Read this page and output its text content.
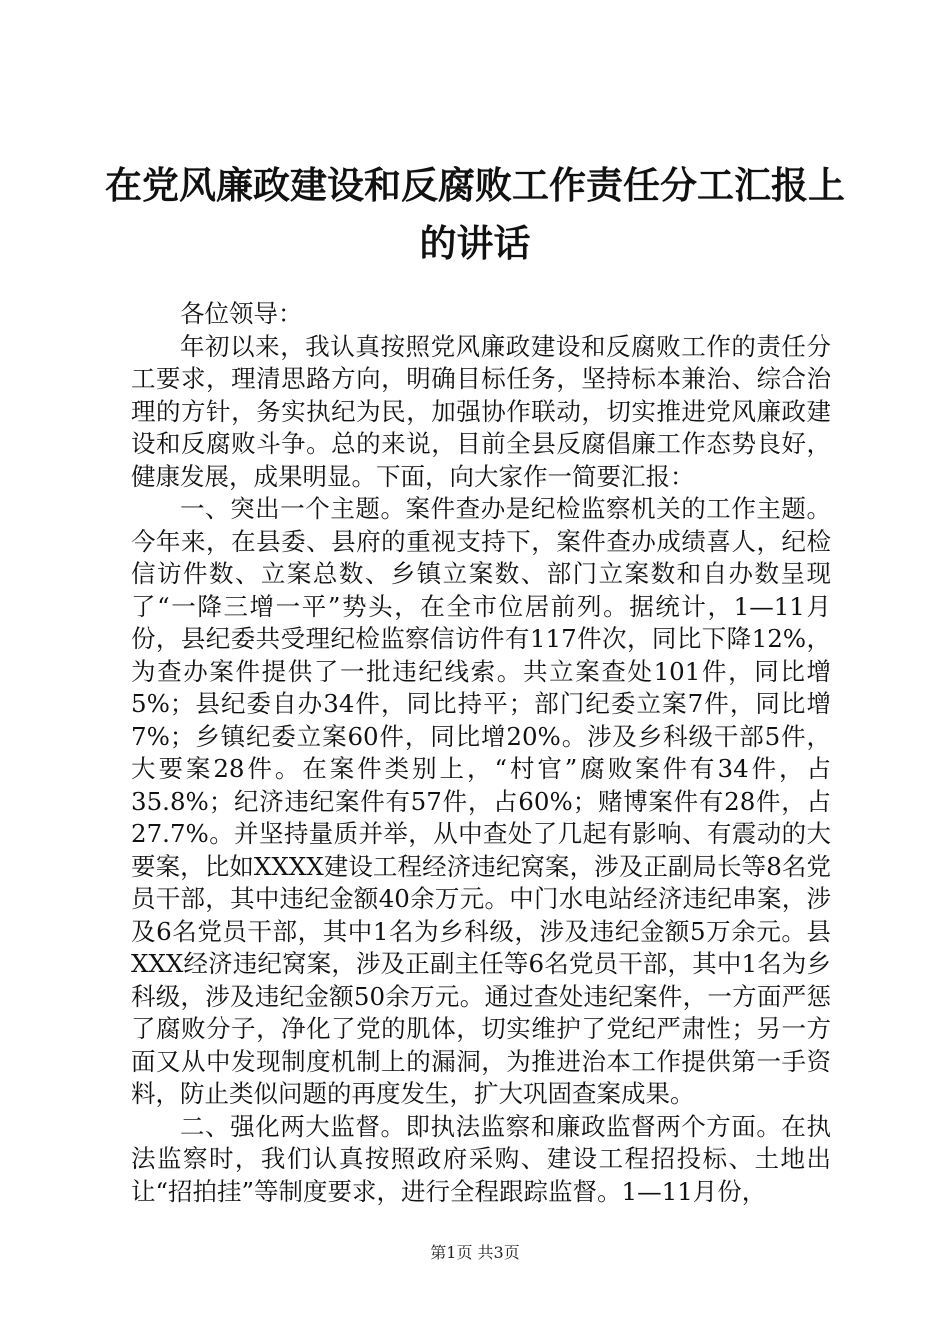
在党风廉政建设和反腐败工作责任分工汇报上
的讲话

各位领导：

年初以来，我认真按照党风廉政建设和反腐败工作的责任分工要求，理清思路方向，明确目标任务，坚持标本兼治、综合治理的方针，务实执纪为民，加强协作联动，切实推进党风廉政建设和反腐败斗争。总的来说，目前全县反腐倡廉工作态势良好，健康发展，成果明显。下面，向大家作一简要汇报：

一、突出一个主题。案件查办是纪检监察机关的工作主题。今年来，在县委、县府的重视支持下，案件查办成绩喜人，纪检信访件数、立案总数、乡镇立案数、部门立案数和自办数呈现了“一降三增一平”势头，在全市位居前列。据统计，1—11月份，县纪委共受理纪检监察信访件有117件次，同比下降12%，为查办案件提供了一批违纪线索。共立案查处101件，同比增5%；县纪委自办34件，同比持平；部门纪委立案7件，同比增7%；乡镇纪委立案60件，同比增20%。涉及乡科级干部5件，大要案28件。在案件类别上，“村官”腐败案件有34件，占35.8%；纪济违纪案件有57件，占60%；赌博案件有28件，占27.7%。并坚持量质并举，从中查处了几起有影响、有震动的大要案，比如XXXX建设工程经济违纪窝案，涉及正副局长等8名党员干部，其中违纪金额40余万元。中门水电站经济违纪串案，涉及6名党员干部，其中1名为乡科级，涉及违纪金额5万余元。县XXX经济违纪窝案，涉及正副主任等6名党员干部，其中1名为乡科级，涉及违纪金额50余万元。通过查处违纪案件，一方面严惩了腐败分子，净化了党的肌体，切实维护了党纪严肃性；另一方面又从中发现制度机制上的漏洞，为推进治本工作提供第一手资料，防止类似问题的再度发生，扩大巩固查案成果。

二、强化两大监督。即执法监察和廉政监督两个方面。在执法监察时，我们认真按照政府采购、建设工程招投标、土地出让“招拍挂”等制度要求，进行全程跟踪监督。1—11月份，

第1页 共3页
